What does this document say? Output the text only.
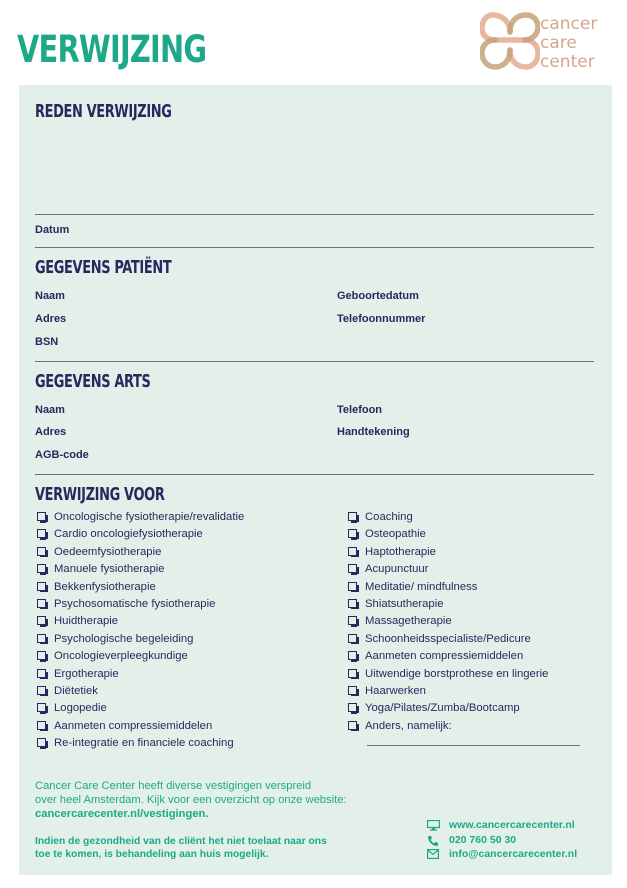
VERWIJZING
cancer
care
center
REDEN VERWIJZING
Datum
GEGEVENS PATIËNT
Naam	Geboortedatum
Adres	Telefoonnummer
BSN
GEGEVENS ARTS
Naam	Telefoon
Adres	Handtekening
AGB-code
VERWIJZING VOOR
Oncologische fysiotherapie/revalidatie
Cardio oncologiefysiotherapie
Oedeemfysiotherapie
Manuele fysiotherapie
Bekkenfysiotherapie
Psychosomatische fysiotherapie
Huidtherapie
Psychologische begeleiding
Oncologieverpleegkundige
Ergotherapie
Diëtetiek
Logopedie
Aanmeten compressiemiddelen
Re-integratie en financiele coaching
Coaching
Osteopathie
Haptotherapie
Acupunctuur
Meditatie/ mindfulness
Shiatsutherapie
Massagetherapie
Schoonheidsspecialiste/Pedicure
Aanmeten compressiemiddelen
Uitwendige borstprothese en lingerie
Haarwerken
Yoga/Pilates/Zumba/Bootcamp
Anders, namelijk:
Cancer Care Center heeft diverse vestigingen verspreid
over heel Amsterdam. Kijk voor een overzicht op onze website:
cancercarecenter.nl/vestigingen.
Indien de gezondheid van de cliënt het niet toelaat naar ons
toe te komen, is behandeling aan huis mogelijk.
www.cancercarecenter.nl
020 760 50 30
info@cancercarecenter.nl
